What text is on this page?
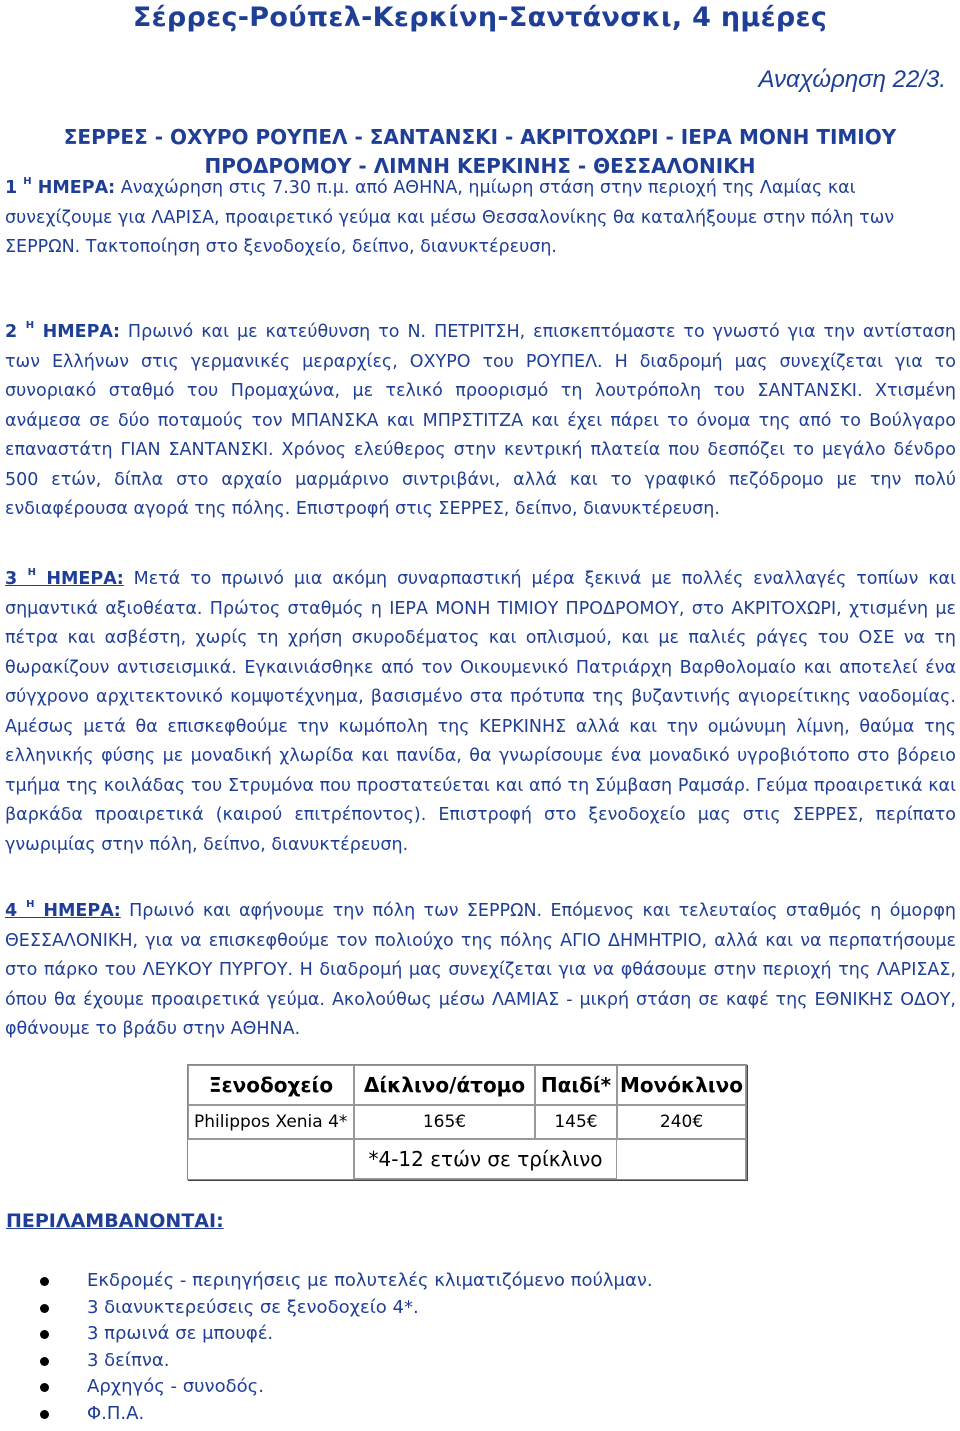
Σέρρες-Ρούπελ-Κερκίνη-Σαντάνσκι, 4 ημέρες
Αναχώρηση 22/3.
ΣΕΡΡΕΣ - ΟΧΥΡΟ ΡΟΥΠΕΛ - ΣΑΝΤΑΝΣΚΙ - ΑΚΡΙΤΟΧΩΡΙ - ΙΕΡΑ ΜΟΝΗ ΤΙΜΙΟΥ
ΠΡΟΔΡΟΜΟΥ - ΛΙΜΝΗ ΚΕΡΚΙΝΗΣ - ΘΕΣΣΑΛΟΝΙΚΗ
1 $^H$ ΗΜΕΡΑ: Αναχώρηση στις 7.30 π.μ. από ΑΘΗΝΑ, ημίωρη στάση στην περιοχή της Λαμίας και συνεχίζουμε για ΛΑΡΙΣΑ, προαιρετικό γεύμα και μέσω Θεσσαλονίκης θα καταλήξουμε στην πόλη των ΣΕΡΡΩΝ. Τακτοποίηση στο ξενοδοχείο, δείπνο, διανυκτέρευση.
2 $^H$ ΗΜΕΡΑ: Πρωινό και με κατεύθυνση το Ν. ΠΕΤΡΙΤΣΗ, επισκεπτόμαστε το γνωστό για την αντίσταση των Ελλήνων στις γερμανικές μεραρχίες, ΟΧΥΡΟ του ΡΟΥΠΕΛ. Η διαδρομή μας συνεχίζεται για το συνοριακό σταθμό του Προμαχώνα, με τελικό προορισμό τη λουτρόπολη του ΣΑΝΤΑΝΣΚΙ. Χτισμένη ανάμεσα σε δύο ποταμούς τον ΜΠΑΝΣΚΑ και ΜΠΡΣΤΙΤΖΑ και έχει πάρει το όνομα της από το Βούλγαρο επαναστάτη ΓΙΑΝ ΣΑΝΤΑΝΣΚΙ. Χρόνος ελεύθερος στην κεντρική πλατεία που δεσπόζει το μεγάλο δένδρο 500 ετών, δίπλα στο αρχαίο μαρμάρινο σιντριβάνι, αλλά και το γραφικό πεζόδρομο με την πολύ ενδιαφέρουσα αγορά της πόλης. Επιστροφή στις ΣΕΡΡΕΣ, δείπνο, διανυκτέρευση.
3 $^H$ ΗΜΕΡΑ: Μετά το πρωινό μια ακόμη συναρπαστική μέρα ξεκινά με πολλές εναλλαγές τοπίων και σημαντικά αξιοθέατα. Πρώτος σταθμός η ΙΕΡΑ ΜΟΝΗ ΤΙΜΙΟΥ ΠΡΟΔΡΟΜΟΥ, στο ΑΚΡΙΤΟΧΩΡΙ, χτισμένη με πέτρα και ασβέστη, χωρίς τη χρήση σκυροδέματος και οπλισμού, και με παλιές ράγες του ΟΣΕ να τη θωρακίζουν αντισεισμικά. Εγκαινιάσθηκε από τον Οικουμενικό Πατριάρχη Βαρθολομαίο και αποτελεί ένα σύγχρονο αρχιτεκτονικό κομψοτέχνημα, βασισμένο στα πρότυπα της βυζαντινής αγιορείτικης ναοδομίας. Αμέσως μετά θα επισκεφθούμε την κωμόπολη της ΚΕΡΚΙΝΗΣ αλλά και την ομώνυμη λίμνη, θαύμα της ελληνικής φύσης με μοναδική χλωρίδα και πανίδα, θα γνωρίσουμε ένα μοναδικό υγροβιότοπο στο βόρειο τμήμα της κοιλάδας του Στρυμόνα που προστατεύεται και από τη Σύμβαση Ραμσάρ. Γεύμα προαιρετικά και βαρκάδα προαιρετικά (καιρού επιτρέποντος). Επιστροφή στο ξενοδοχείο μας στις ΣΕΡΡΕΣ, περίπατο γνωριμίας στην πόλη, δείπνο, διανυκτέρευση.
4 $^H$ ΗΜΕΡΑ: Πρωινό και αφήνουμε την πόλη των ΣΕΡΡΩΝ. Επόμενος και τελευταίος σταθμός η όμορφη ΘΕΣΣΑΛΟΝΙΚΗ, για να επισκεφθούμε τον πολιούχο της πόλης ΑΓΙΟ ΔΗΜΗΤΡΙΟ, αλλά και να περπατήσουμε στο πάρκο του ΛΕΥΚΟΥ ΠΥΡΓΟΥ. Η διαδρομή μας συνεχίζεται για να φθάσουμε στην περιοχή της ΛΑΡΙΣΑΣ, όπου θα έχουμε προαιρετικά γεύμα. Ακολούθως μέσω ΛΑΜΙΑΣ - μικρή στάση σε καφέ της ΕΘΝΙΚΗΣ ΟΔΟΥ, φθάνουμε το βράδυ στην ΑΘΗΝΑ.
Ξενοδοχείο	Δίκλινο/άτομο	Παιδί*	Μονόκλινο
Philippos Xenia 4*	165€	145€	240€
	*4-12 ετών σε τρίκλινο		
ΠΕΡΙΛΑΜΒΑΝΟΝΤΑΙ:
Εκδρομές - περιηγήσεις με πολυτελές κλιματιζόμενο πούλμαν.
3 διανυκτερεύσεις σε ξενοδοχείο 4*.
3 πρωινά σε μπουφέ.
3 δείπνα.
Αρχηγός - συνοδός.
Φ.Π.Α.
